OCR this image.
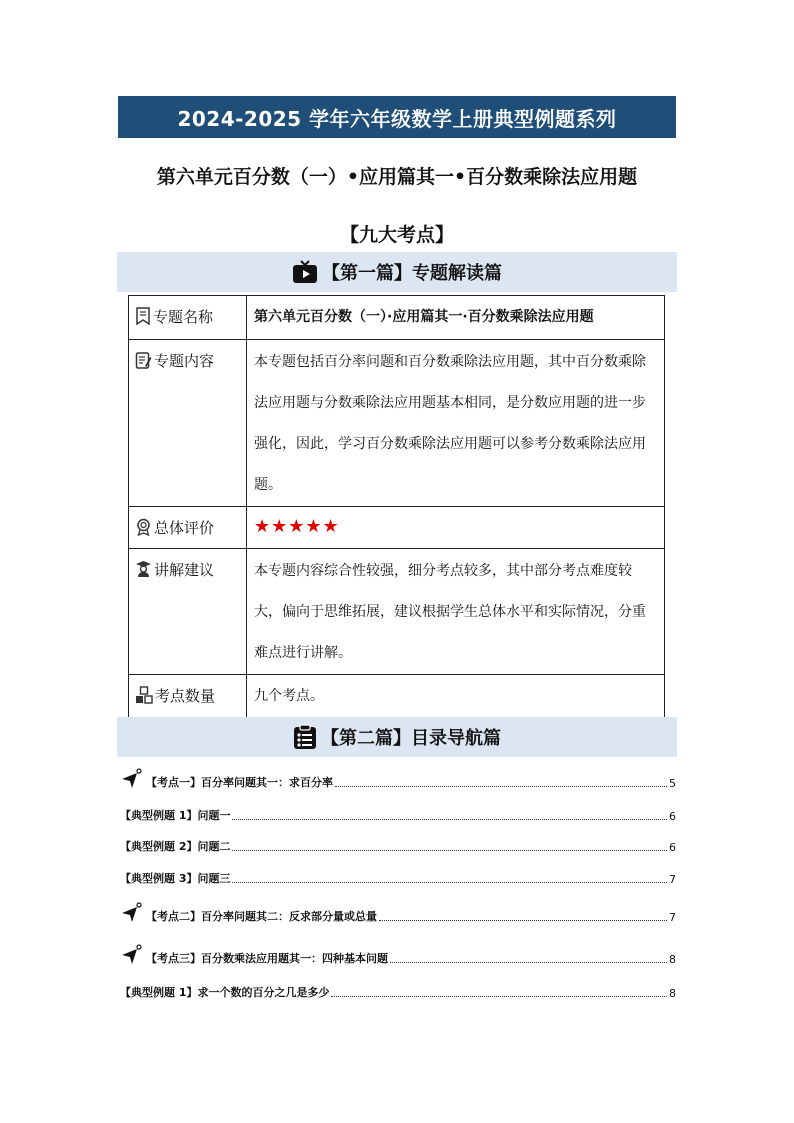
2024-2025 学年六年级数学上册典型例题系列
第六单元百分数（一）•应用篇其一•百分数乘除法应用题
【九大考点】
【第一篇】专题解读篇
专题名称	第六单元百分数（一）·应用篇其一·百分数乘除法应用题
专题内容	本专题包括百分率问题和百分数乘除法应用题，其中百分数乘除法应用题与分数乘除法应用题基本相同，是分数应用题的进一步强化，因此，学习百分数乘除法应用题可以参考分数乘除法应用题。

总体评价	★★★★★
讲解建议	本专题内容综合性较强，细分考点较多，其中部分考点难度较大，偏向于思维拓展，建议根据学生总体水平和实际情况，分重难点进行讲解。

考点数量	九个考点。
【第二篇】目录导航篇
【考点一】百分率问题其一：求百分率	5
【典型例题 1】问题一	6
【典型例题 2】问题二	6
【典型例题 3】问题三	7
【考点二】百分率问题其二：反求部分量或总量	7
【考点三】百分数乘法应用题其一：四种基本问题	8
【典型例题 1】求一个数的百分之几是多少	8
